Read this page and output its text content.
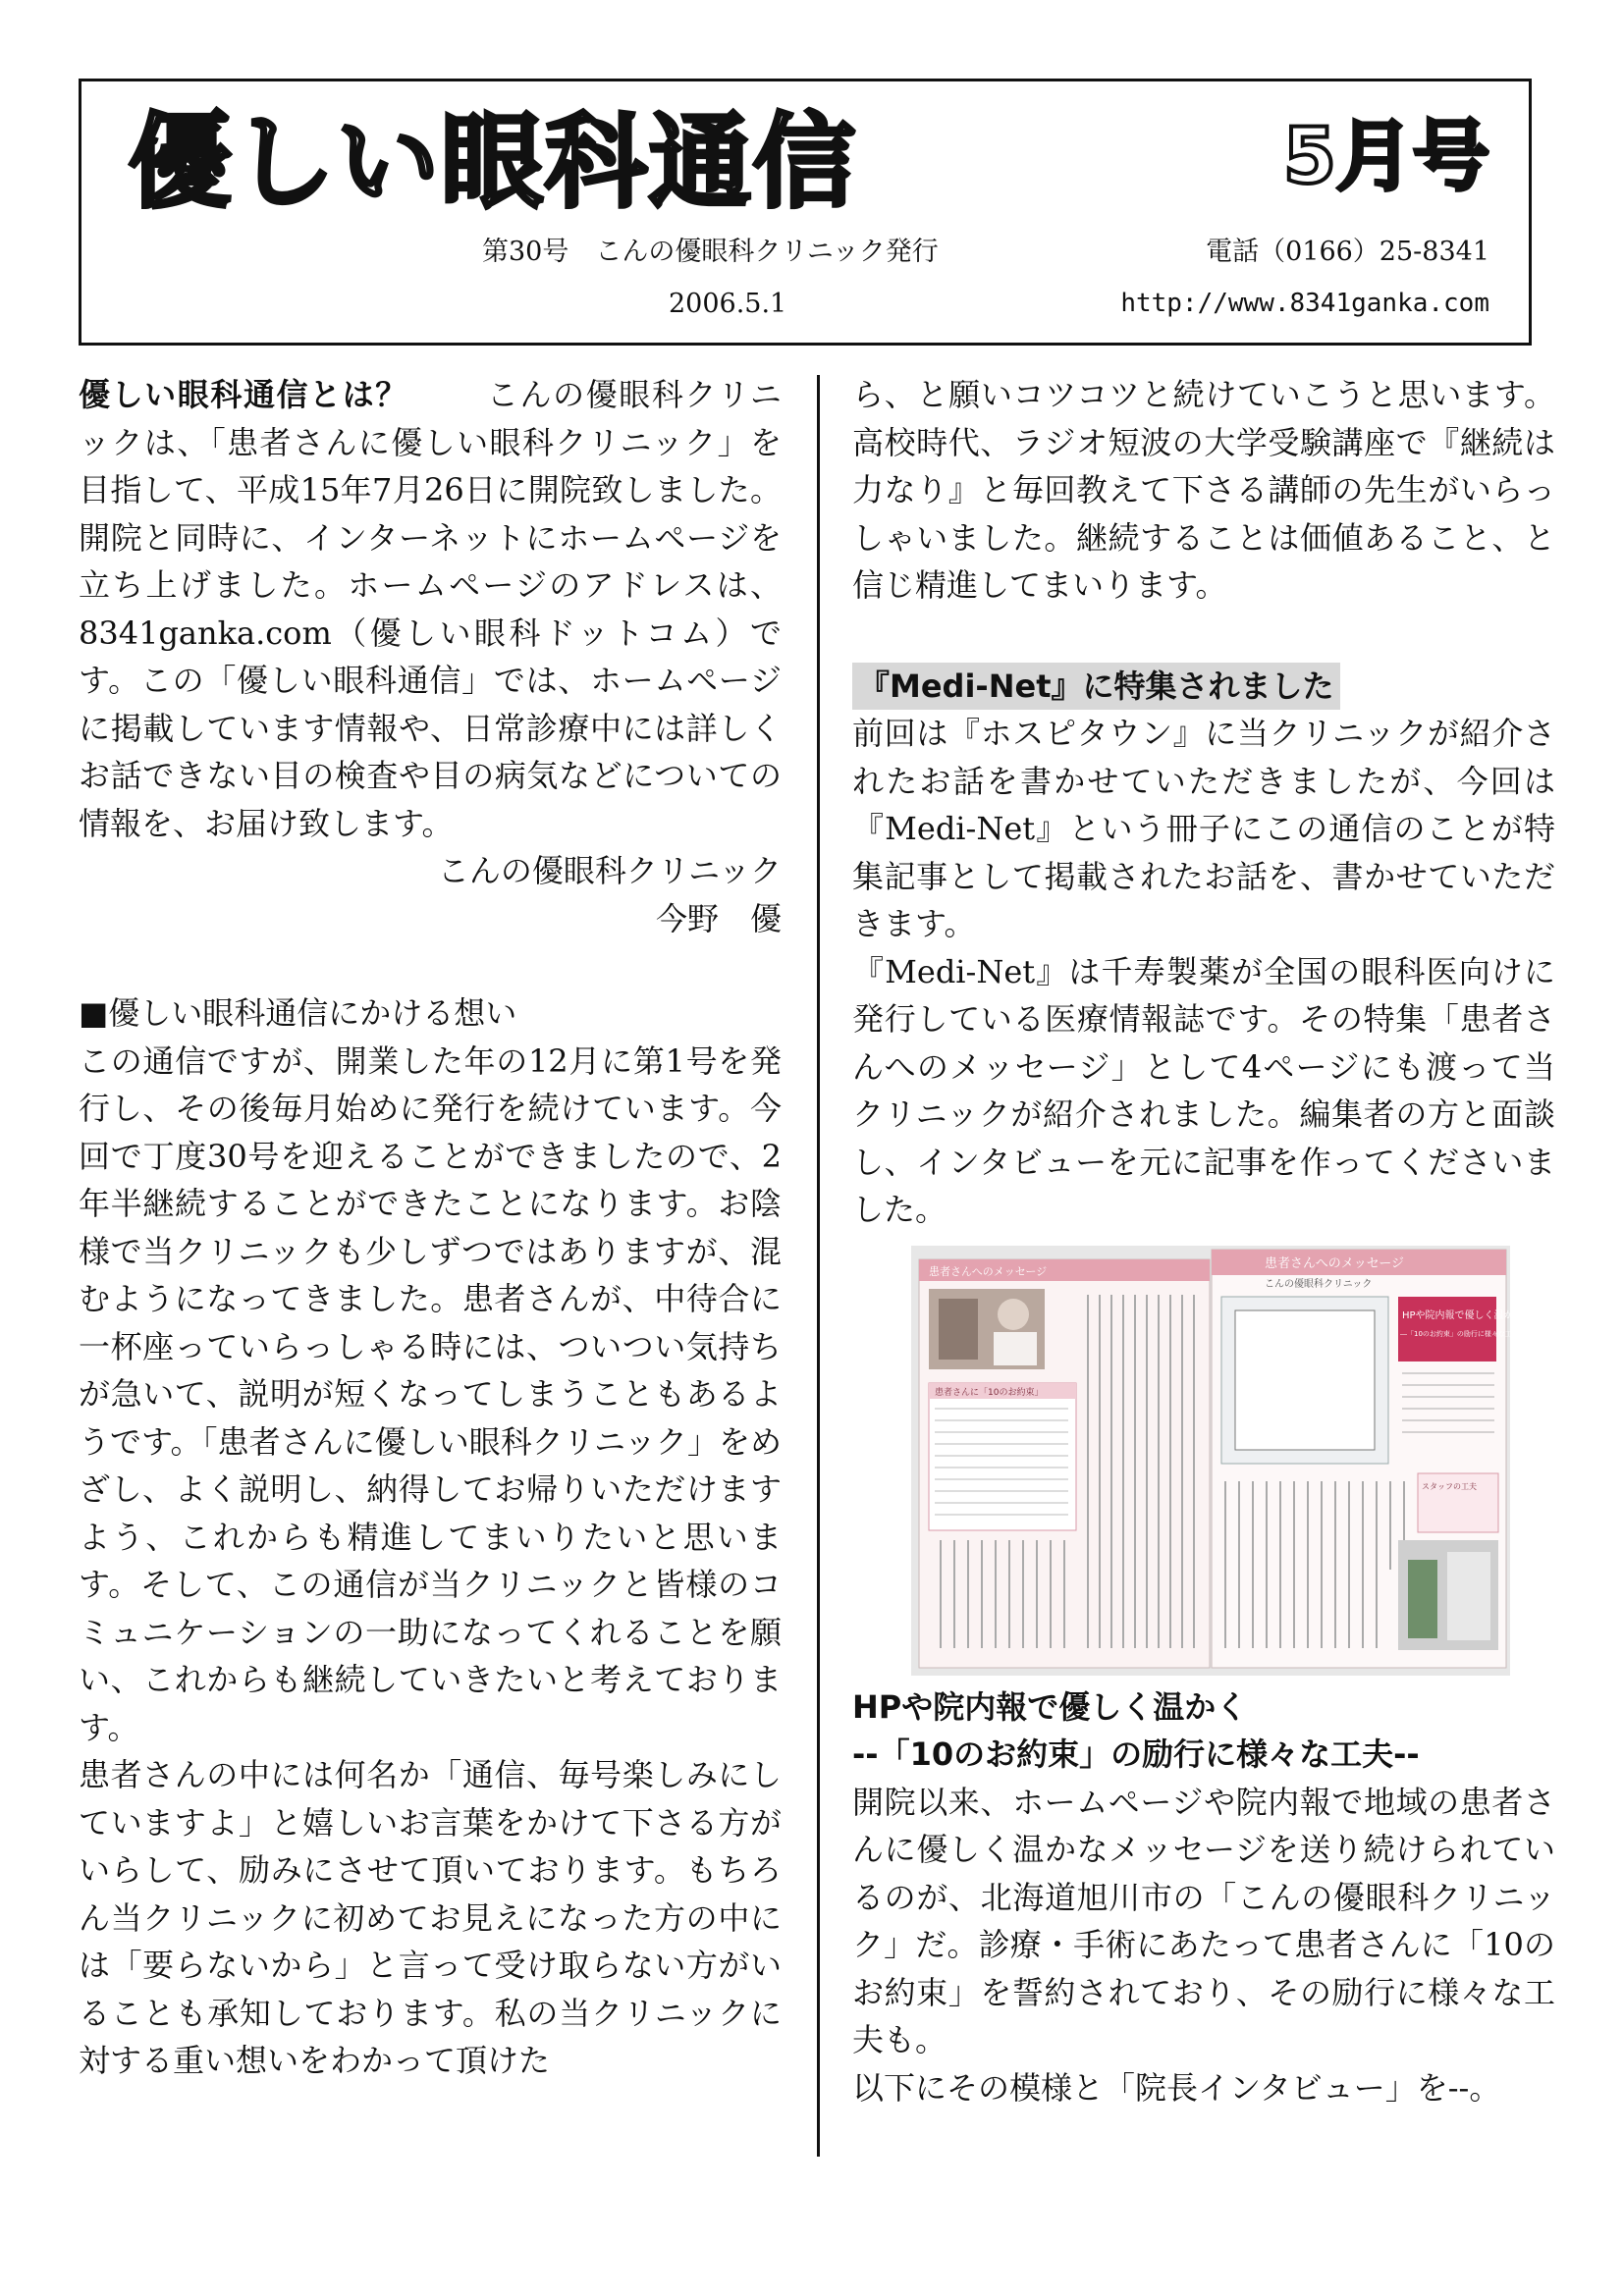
優しい眼科通信	5月号
第30号　こんの優眼科クリニック発行	電話（0166）25-8341
2006.5.1	http://www.8341ganka.com

優しい眼科通信とは？	こんの優眼科クリニックは、「患者さんに優しい眼科クリニック」を目指して、平成15年7月26日に開院致しました。開院と同時に、インターネットにホームページを立ち上げました。ホームページのアドレスは、8341ganka.com（優しい眼科ドットコム）です。この「優しい眼科通信」では、ホームページに掲載しています情報や、日常診療中には詳しくお話できない目の検査や目の病気などについての情報を、お届け致します。

こんの優眼科クリニック

今野　優

■優しい眼科通信にかける想い

この通信ですが、開業した年の12月に第1号を発行し、その後毎月始めに発行を続けています。今回で丁度30号を迎えることができましたので、2年半継続することができたことになります。お陰様で当クリニックも少しずつではありますが、混むようになってきました。患者さんが、中待合に一杯座っていらっしゃる時には、ついつい気持ちが急いて、説明が短くなってしまうこともあるようです。「患者さんに優しい眼科クリニック」をめざし、よく説明し、納得してお帰りいただけますよう、これからも精進してまいりたいと思います。そして、この通信が当クリニックと皆様のコミュニケーションの一助になってくれることを願い、これからも継続していきたいと考えております。

患者さんの中には何名か「通信、毎号楽しみにしていますよ」と嬉しいお言葉をかけて下さる方がいらして、励みにさせて頂いております。もちろん当クリニックに初めてお見えになった方の中には「要らないから」と言って受け取らない方がいることも承知しております。私の当クリニックに対する重い想いをわかって頂けた

ら、と願いコツコツと続けていこうと思います。高校時代、ラジオ短波の大学受験講座で『継続は力なり』と毎回教えて下さる講師の先生がいらっしゃいました。継続することは価値あること、と信じ精進してまいります。

『Medi-Net』に特集されました

前回は『ホスピタウン』に当クリニックが紹介されたお話を書かせていただきましたが、今回は『Medi-Net』という冊子にこの通信のことが特集記事として掲載されたお話を、書かせていただきます。

『Medi-Net』は千寿製薬が全国の眼科医向けに発行している医療情報誌です。その特集「患者さんへのメッセージ」として4ページにも渡って当クリニックが紹介されました。編集者の方と面談し、インタビューを元に記事を作ってくださいました。

患者さんへのメッセージ
患者さんへのメッセージ
こんの優眼科クリニック
患者さんに「10のお約束」
HPや院内報で優しく温かく
―「10のお約束」の励行に様々な工夫―
スタッフの工夫

HPや院内報で優しく温かく

--「10のお約束」の励行に様々な工夫--

開院以来、ホームページや院内報で地域の患者さんに優しく温かなメッセージを送り続けられているのが、北海道旭川市の「こんの優眼科クリニック」だ。診療・手術にあたって患者さんに「10のお約束」を誓約されており、その励行に様々な工夫も。

以下にその模様と「院長インタビュー」を--。
